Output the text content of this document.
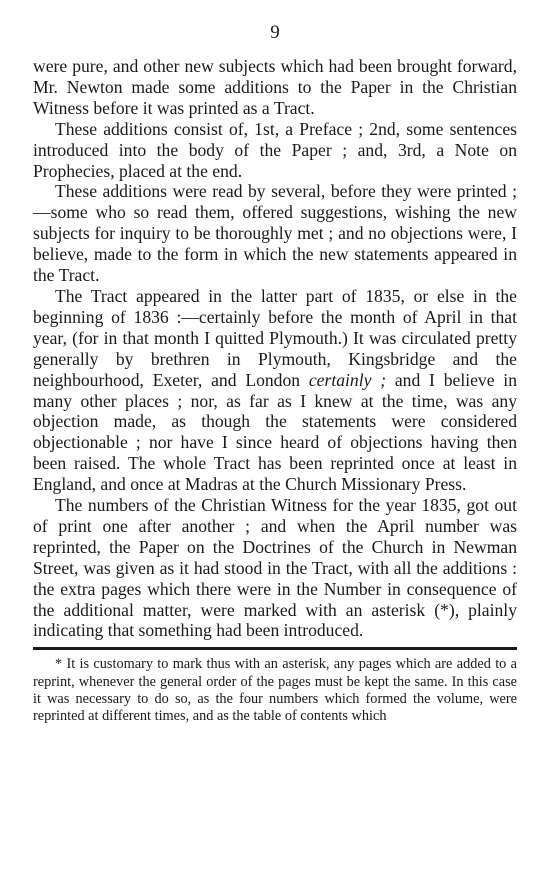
9

were pure, and other new subjects which had been brought forward, Mr. Newton made some additions to the Paper in the Christian Witness before it was printed as a Tract.

These additions consist of, 1st, a Preface ; 2nd, some sentences introduced into the body of the Paper ; and, 3rd, a Note on Prophecies, placed at the end.

These additions were read by several, before they were printed ;—some who so read them, offered suggestions, wishing the new subjects for inquiry to be thoroughly met ; and no objections were, I believe, made to the form in which the new statements appeared in the Tract.

The Tract appeared in the latter part of 1835, or else in the beginning of 1836 :—certainly before the month of April in that year, (for in that month I quitted Plymouth.) It was circulated pretty generally by brethren in Plymouth, Kingsbridge and the neighbourhood, Exeter, and London certainly ; and I believe in many other places ; nor, as far as I knew at the time, was any objection made, as though the statements were considered objectionable ; nor have I since heard of objections having then been raised. The whole Tract has been reprinted once at least in England, and once at Madras at the Church Missionary Press.

The numbers of the Christian Witness for the year 1835, got out of print one after another ; and when the April number was reprinted, the Paper on the Doctrines of the Church in Newman Street, was given as it had stood in the Tract, with all the additions : the extra pages which there were in the Number in consequence of the additional matter, were marked with an asterisk (*), plainly indicating that something had been introduced.

* It is customary to mark thus with an asterisk, any pages which are added to a reprint, whenever the general order of the pages must be kept the same. In this case it was necessary to do so, as the four numbers which formed the volume, were reprinted at different times, and as the table of contents which
